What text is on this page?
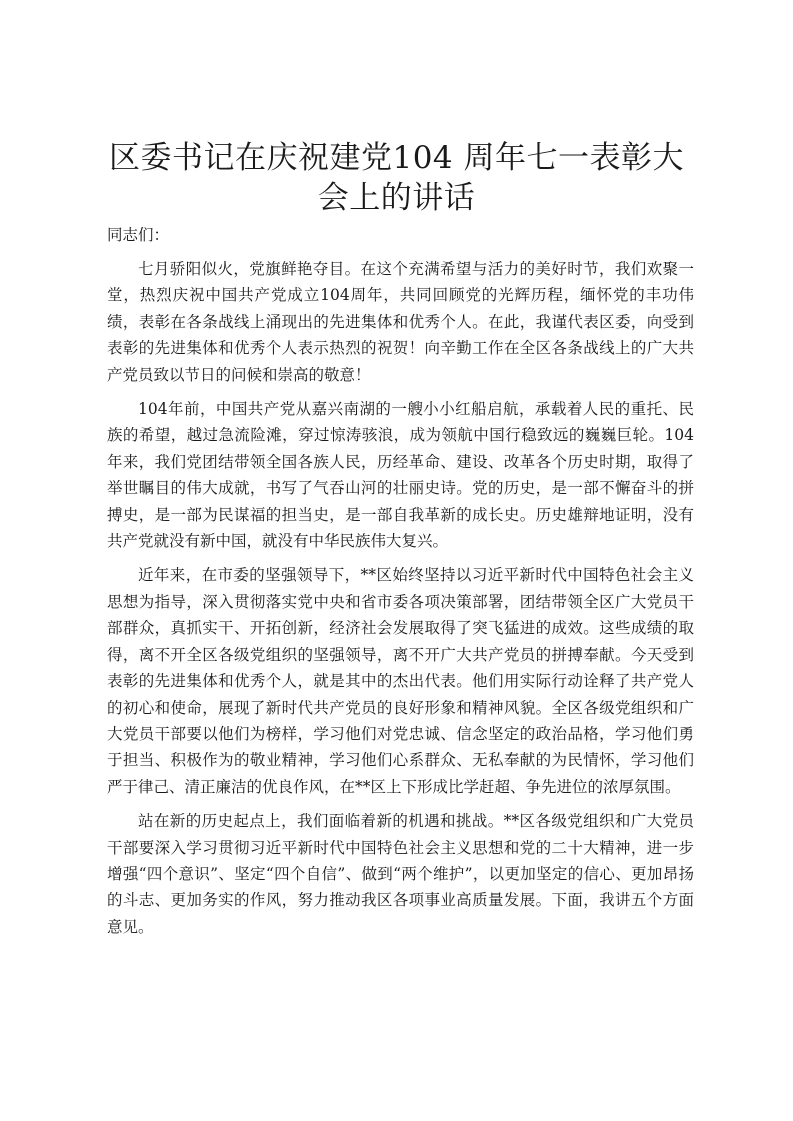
区委书记在庆祝建党104 周年七一表彰大会上的讲话

同志们：

七月骄阳似火，党旗鲜艳夺目。在这个充满希望与活力的美好时节，我们欢聚一堂，热烈庆祝中国共产党成立104周年，共同回顾党的光辉历程，缅怀党的丰功伟绩，表彰在各条战线上涌现出的先进集体和优秀个人。在此，我谨代表区委，向受到表彰的先进集体和优秀个人表示热烈的祝贺！向辛勤工作在全区各条战线上的广大共产党员致以节日的问候和崇高的敬意！

104年前，中国共产党从嘉兴南湖的一艘小小红船启航，承载着人民的重托、民族的希望，越过急流险滩，穿过惊涛骇浪，成为领航中国行稳致远的巍巍巨轮。104年来，我们党团结带领全国各族人民，历经革命、建设、改革各个历史时期，取得了举世瞩目的伟大成就，书写了气吞山河的壮丽史诗。党的历史，是一部不懈奋斗的拼搏史，是一部为民谋福的担当史，是一部自我革新的成长史。历史雄辩地证明，没有共产党就没有新中国，就没有中华民族伟大复兴。

近年来，在市委的坚强领导下，**区始终坚持以习近平新时代中国特色社会主义思想为指导，深入贯彻落实党中央和省市委各项决策部署，团结带领全区广大党员干部群众，真抓实干、开拓创新，经济社会发展取得了突飞猛进的成效。这些成绩的取得，离不开全区各级党组织的坚强领导，离不开广大共产党员的拼搏奉献。今天受到表彰的先进集体和优秀个人，就是其中的杰出代表。他们用实际行动诠释了共产党人的初心和使命，展现了新时代共产党员的良好形象和精神风貌。全区各级党组织和广大党员干部要以他们为榜样，学习他们对党忠诚、信念坚定的政治品格，学习他们勇于担当、积极作为的敬业精神，学习他们心系群众、无私奉献的为民情怀，学习他们严于律己、清正廉洁的优良作风，在**区上下形成比学赶超、争先进位的浓厚氛围。

站在新的历史起点上，我们面临着新的机遇和挑战。**区各级党组织和广大党员干部要深入学习贯彻习近平新时代中国特色社会主义思想和党的二十大精神，进一步增强“四个意识”、坚定“四个自信”、做到“两个维护”，以更加坚定的信心、更加昂扬的斗志、更加务实的作风，努力推动我区各项事业高质量发展。下面，我讲五个方面意见。
